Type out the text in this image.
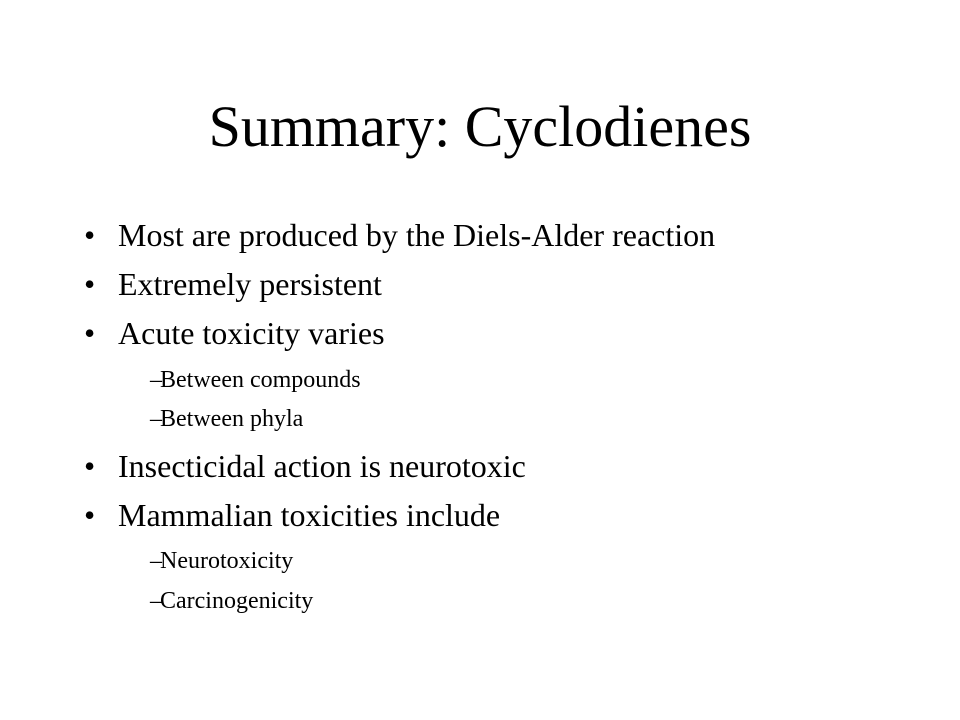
Summary: Cyclodienes
• Most are produced by the Diels-Alder reaction
• Extremely persistent
• Acute toxicity varies
–
Between compounds
–
Between phyla
• Insecticidal action is neurotoxic
• Mammalian toxicities include
–
Neurotoxicity
–
Carcinogenicity
